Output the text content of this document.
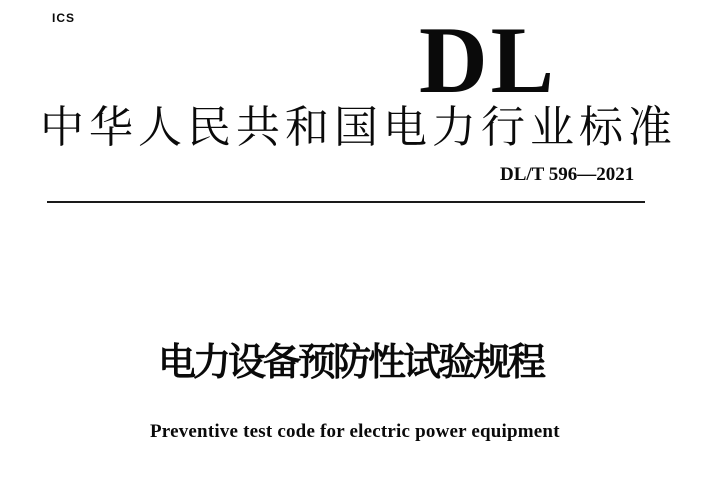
ICS	DL
中华人民共和国电力行业标准
DL/T 596—2021
电力设备预防性试验规程
Preventive test code for electric power equipment
